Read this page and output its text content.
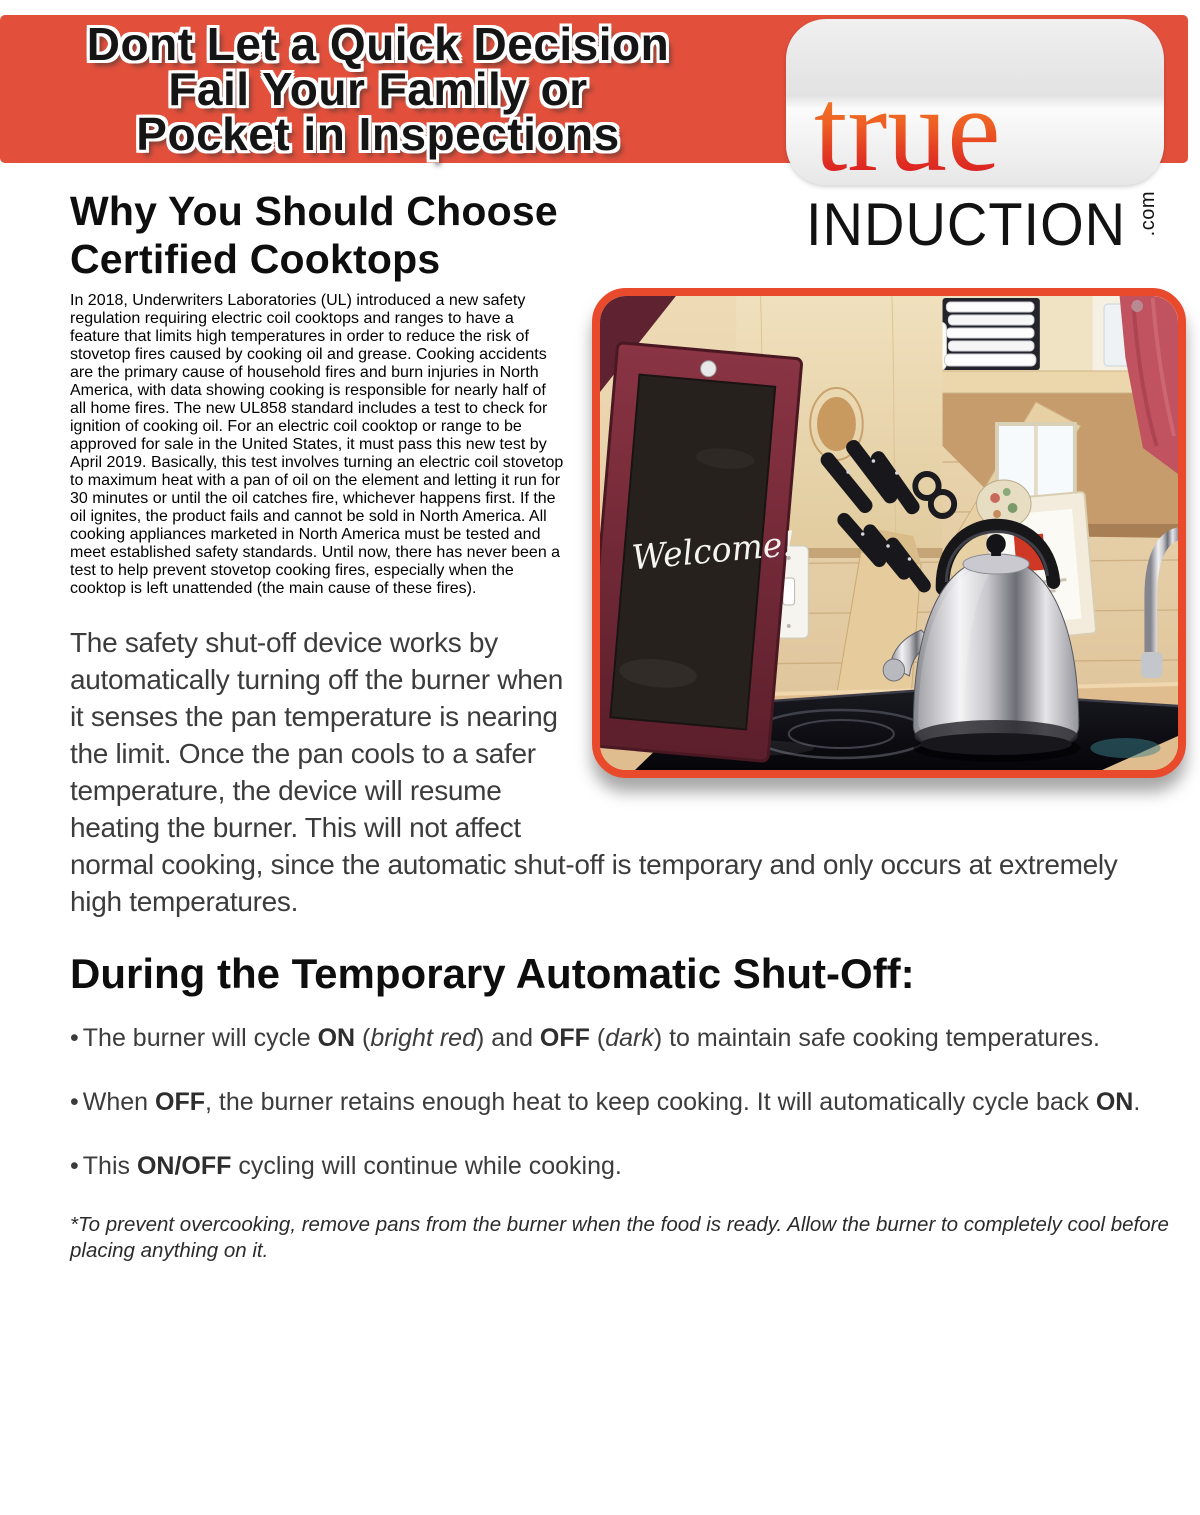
Dont Let a Quick Decision
Fail Your Family or
Pocket in Inspections	true
INDUCTION .com
Why You Should Choose
Certified Cooktops

Welcome!
In 2018, Underwriters Laboratories (UL) introduced a new safety regulation requiring electric coil cooktops and ranges to have a feature that limits high temperatures in order to reduce the risk of stovetop fires caused by cooking oil and grease. Cooking accidents are the primary cause of household fires and burn injuries in North America, with data showing cooking is responsible for nearly half of all home fires. The new UL858 standard includes a test to check for ignition of cooking oil. For an electric coil cooktop or range to be approved for sale in the United States, it must pass this new test by April 2019. Basically, this test involves turning an electric coil stovetop to maximum heat with a pan of oil on the element and letting it run for 30 minutes or until the oil catches fire, whichever happens first. If the oil ignites, the product fails and cannot be sold in North America. All cooking appliances marketed in North America must be tested and meet established safety standards. Until now, there has never been a test to help prevent stovetop cooking fires, especially when the cooktop is left unattended (the main cause of these fires).

The safety shut-off device works by automatically turning off the burner when it senses the pan temperature is nearing the limit. Once the pan cools to a safer temperature, the device will resume heating the burner. This will not affect normal cooking, since the automatic shut-off is temporary and only occurs at extremely high temperatures.

During the Temporary Automatic Shut-Off:
• The burner will cycle ON (bright red) and OFF (dark) to maintain safe cooking temperatures.
• When OFF, the burner retains enough heat to keep cooking. It will automatically cycle back ON.
• This ON/OFF cycling will continue while cooking.
*To prevent overcooking, remove pans from the burner when the food is ready. Allow the burner to completely cool before placing anything on it.
